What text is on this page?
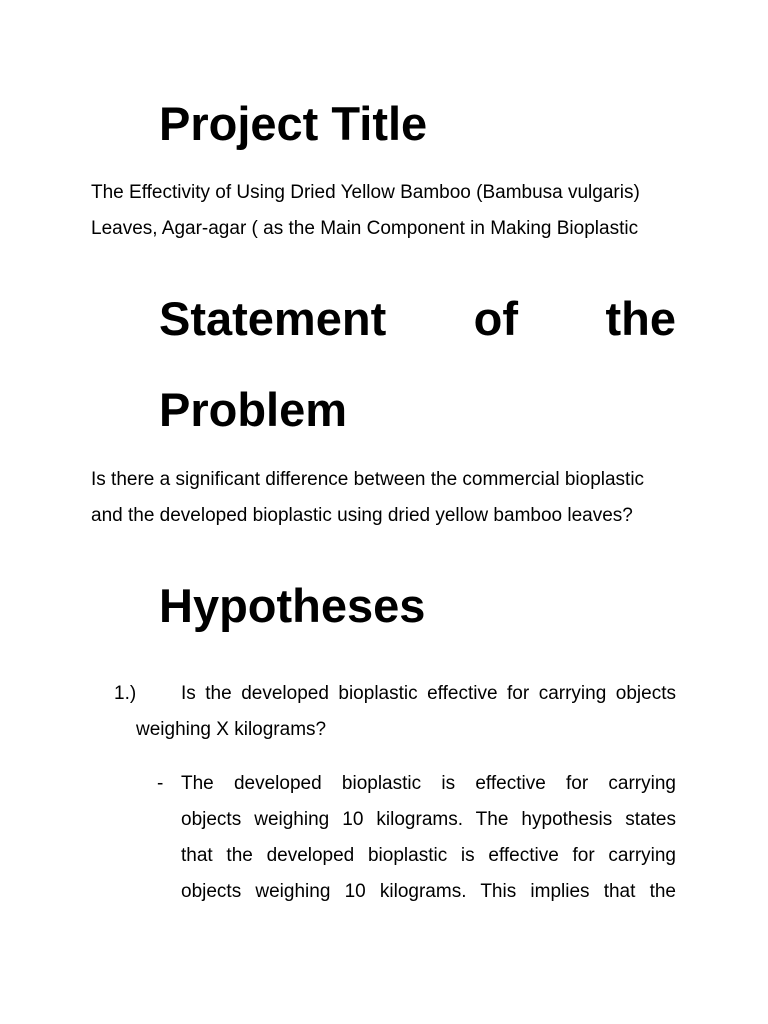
Project Title

The Effectivity of Using Dried Yellow Bamboo (Bambusa vulgaris)
Leaves, Agar-agar ( as the Main Component in Making Bioplastic

Statement of the
Problem

Is there a significant difference between the commercial bioplastic
and the developed bioplastic using dried yellow bamboo leaves?

Hypotheses
1.) Is the developed bioplastic effective for carrying objects
weighing X kilograms?
- The developed bioplastic is effective for carrying
objects weighing 10 kilograms. The hypothesis states
that the developed bioplastic is effective for carrying
objects weighing 10 kilograms. This implies that the
